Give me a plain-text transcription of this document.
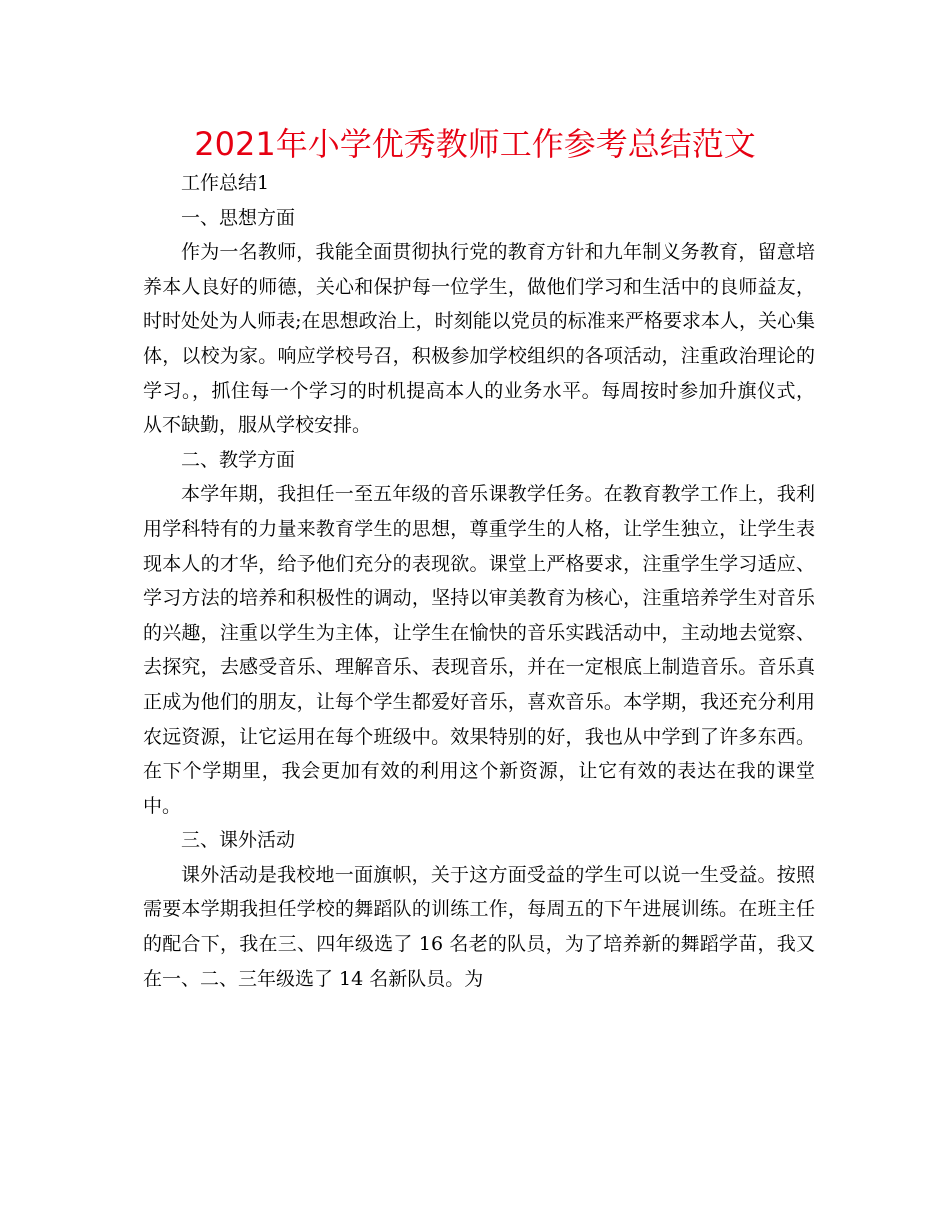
2021年小学优秀教师工作参考总结范文

工作总结1

一、思想方面

作为一名教师，我能全面贯彻执行党的教育方针和九年制义务教育，留意培养本人良好的师德，关心和保护每一位学生，做他们学习和生活中的良师益友，时时处处为人师表;在思想政治上，时刻能以党员的标准来严格要求本人，关心集体，以校为家。响应学校号召，积极参加学校组织的各项活动，注重政治理论的学习。，抓住每一个学习的时机提高本人的业务水平。每周按时参加升旗仪式，从不缺勤，服从学校安排。

二、教学方面

本学年期，我担任一至五年级的音乐课教学任务。在教育教学工作上，我利用学科特有的力量来教育学生的思想，尊重学生的人格，让学生独立，让学生表现本人的才华，给予他们充分的表现欲。课堂上严格要求，注重学生学习适应、学习方法的培养和积极性的调动，坚持以审美教育为核心，注重培养学生对音乐的兴趣，注重以学生为主体，让学生在愉快的音乐实践活动中，主动地去觉察、去探究，去感受音乐、理解音乐、表现音乐，并在一定根底上制造音乐。音乐真正成为他们的朋友，让每个学生都爱好音乐，喜欢音乐。本学期，我还充分利用农远资源，让它运用在每个班级中。效果特别的好，我也从中学到了许多东西。在下个学期里，我会更加有效的利用这个新资源，让它有效的表达在我的课堂中。

三、课外活动

课外活动是我校地一面旗帜，关于这方面受益的学生可以说一生受益。按照需要本学期我担任学校的舞蹈队的训练工作，每周五的下午进展训练。在班主任的配合下，我在三、四年级选了 16 名老的队员，为了培养新的舞蹈学苗，我又在一、二、三年级选了 14 名新队员。为
